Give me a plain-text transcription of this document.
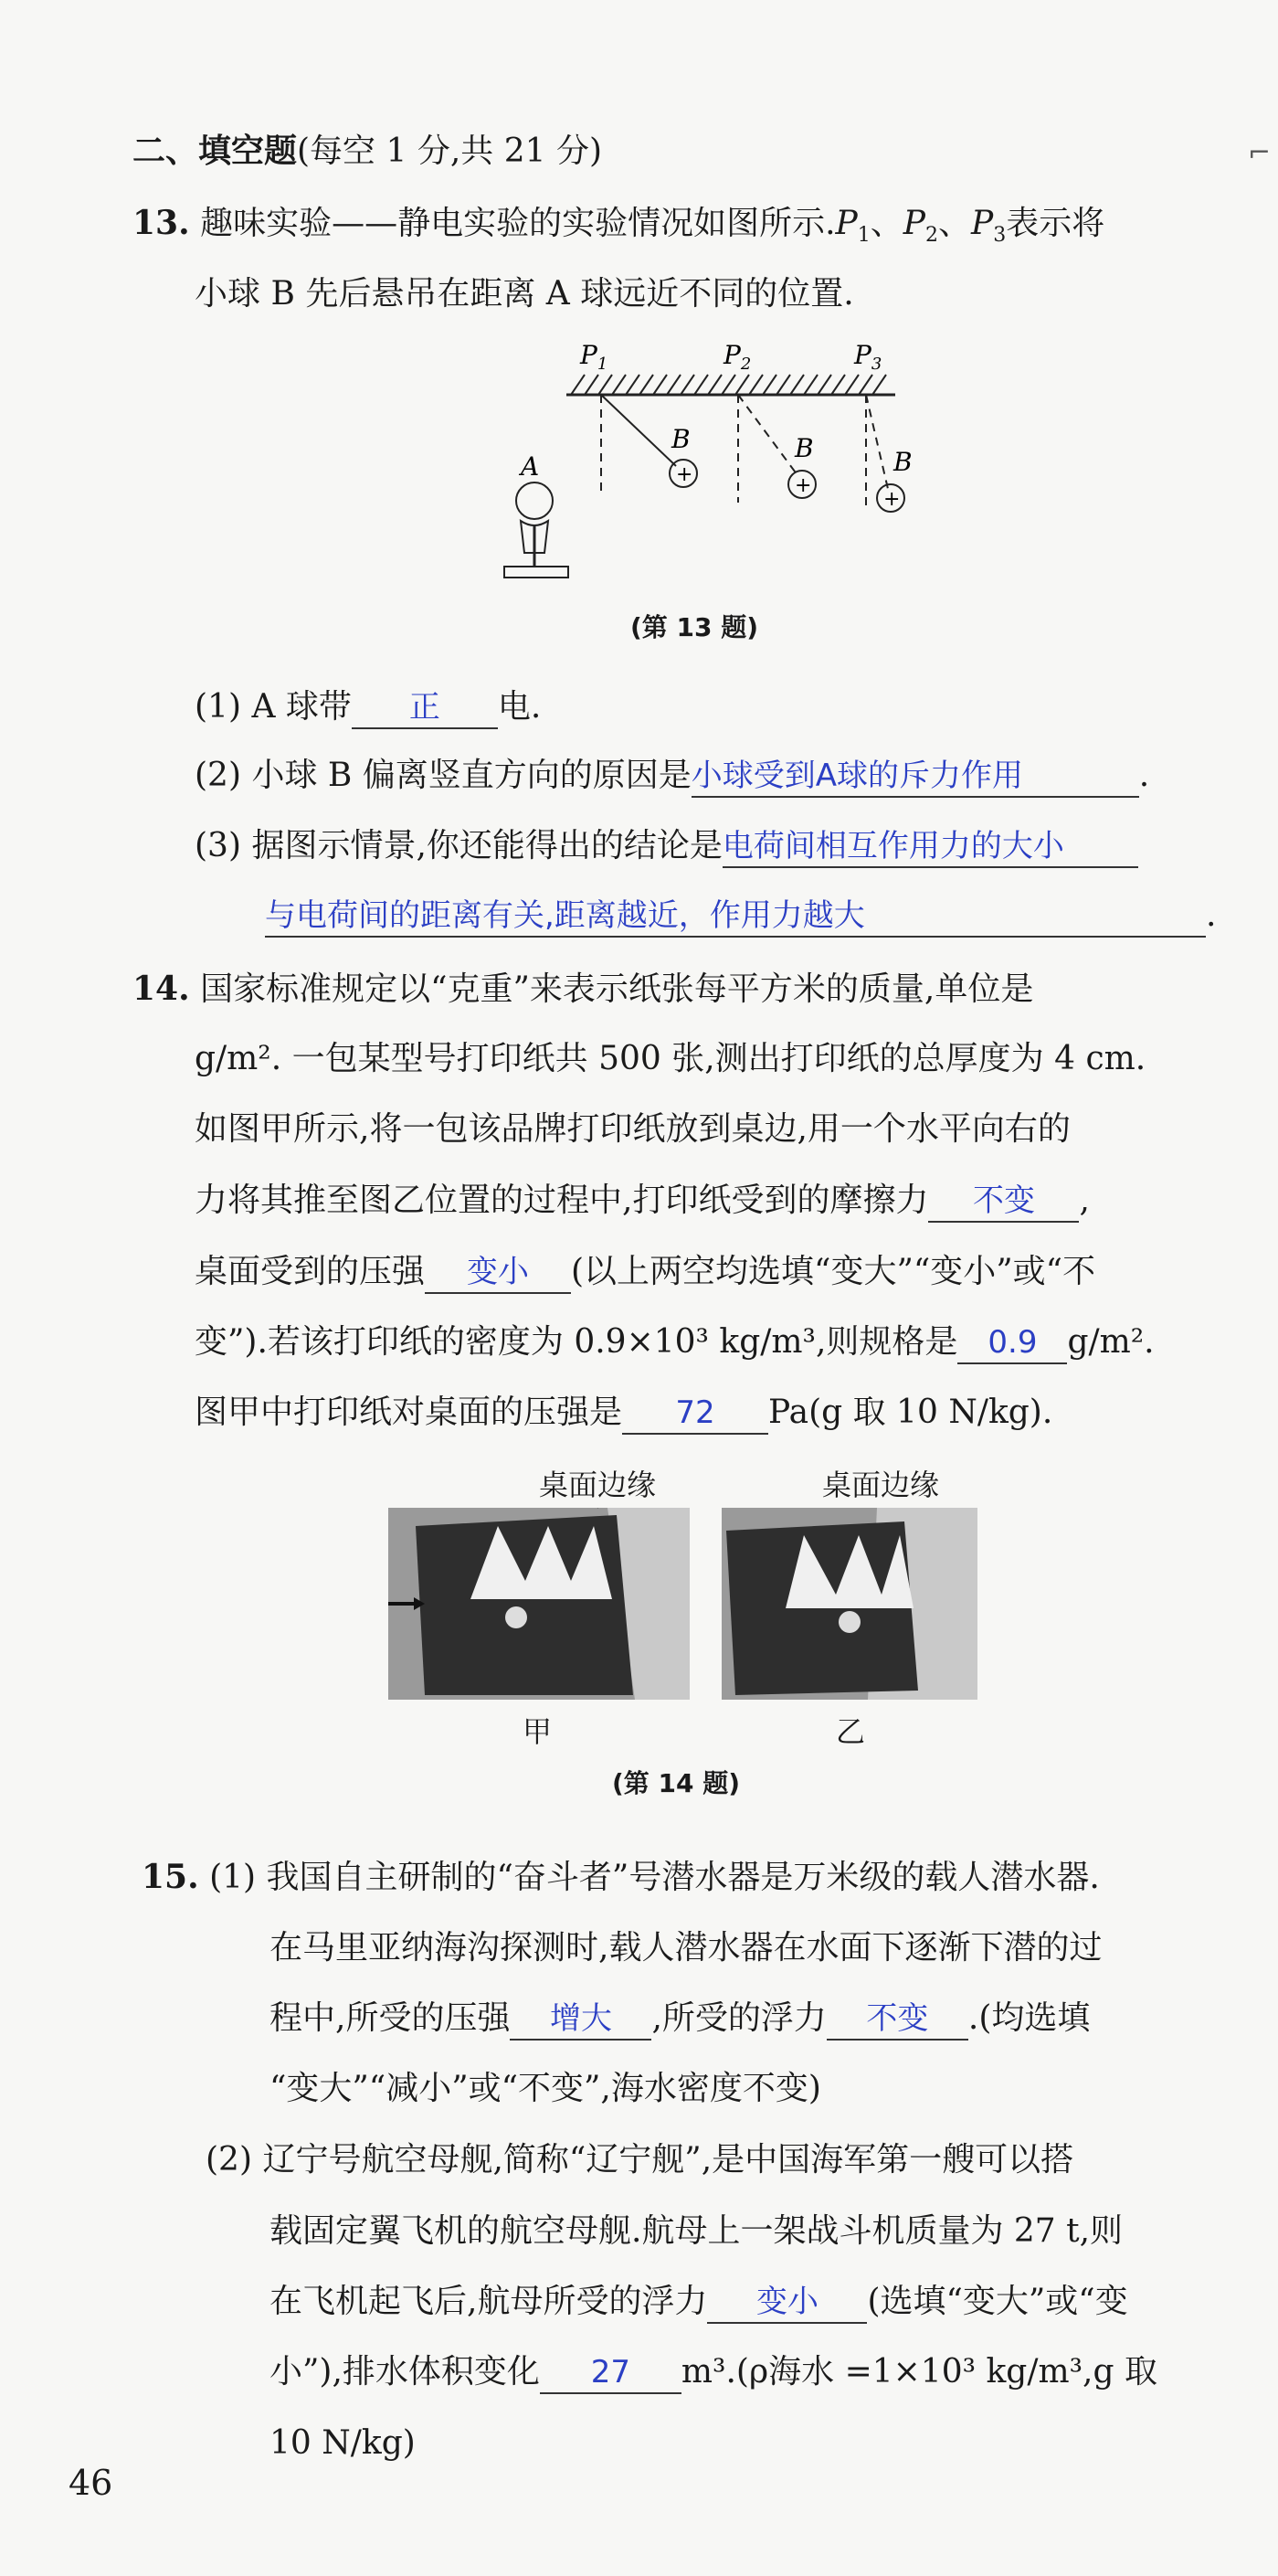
二、填空题(每空 1 分,共 21 分)	⌐
13. 趣味实验——静电实验的实验情况如图所示$.P_1$、$P_2$、$P_3$表示将
小球 B 先后悬吊在距离 A 球远近不同的位置.
$P_1$	$P_2$	$P_3$
+
B
+
B
+
B
A
(第 13 题)
(1) A 球带 正 电.
(2) 小球 B 偏离竖直方向的原因是小球受到A球的斥力作用	.
(3) 据图示情景,你还能得出的结论是电荷间相互作用力的大小
与电荷间的距离有关,距离越近，作用力越大	.
14. 国家标准规定以“克重”来表示纸张每平方米的质量,单位是
g/m². 一包某型号打印纸共 500 张,测出打印纸的总厚度为 4 cm.
如图甲所示,将一包该品牌打印纸放到桌边,用一个水平向右的
力将其推至图乙位置的过程中,打印纸受到的摩擦力 不变 ,
桌面受到的压强 变小 (以上两空均选填“变大”“变小”或“不
变”).若该打印纸的密度为 0.9×10³ kg/m³,则规格是 0.9 g/m².
图甲中打印纸对桌面的压强是 72 Pa(g 取 10 N/kg).
桌面边缘	桌面边缘
甲	乙
(第 14 题)
15. (1) 我国自主研制的“奋斗者”号潜水器是万米级的载人潜水器.
在马里亚纳海沟探测时,载人潜水器在水面下逐渐下潜的过
程中,所受的压强 增大 ,所受的浮力 不变 .(均选填
“变大”“减小”或“不变”,海水密度不变)
(2) 辽宁号航空母舰,简称“辽宁舰”,是中国海军第一艘可以搭
载固定翼飞机的航空母舰.航母上一架战斗机质量为 27 t,则
在飞机起飞后,航母所受的浮力 变小 (选填“变大”或“变
小”),排水体积变化 27 m³.(ρ海水 =1×10³ kg/m³,g 取
10 N/kg)
46
